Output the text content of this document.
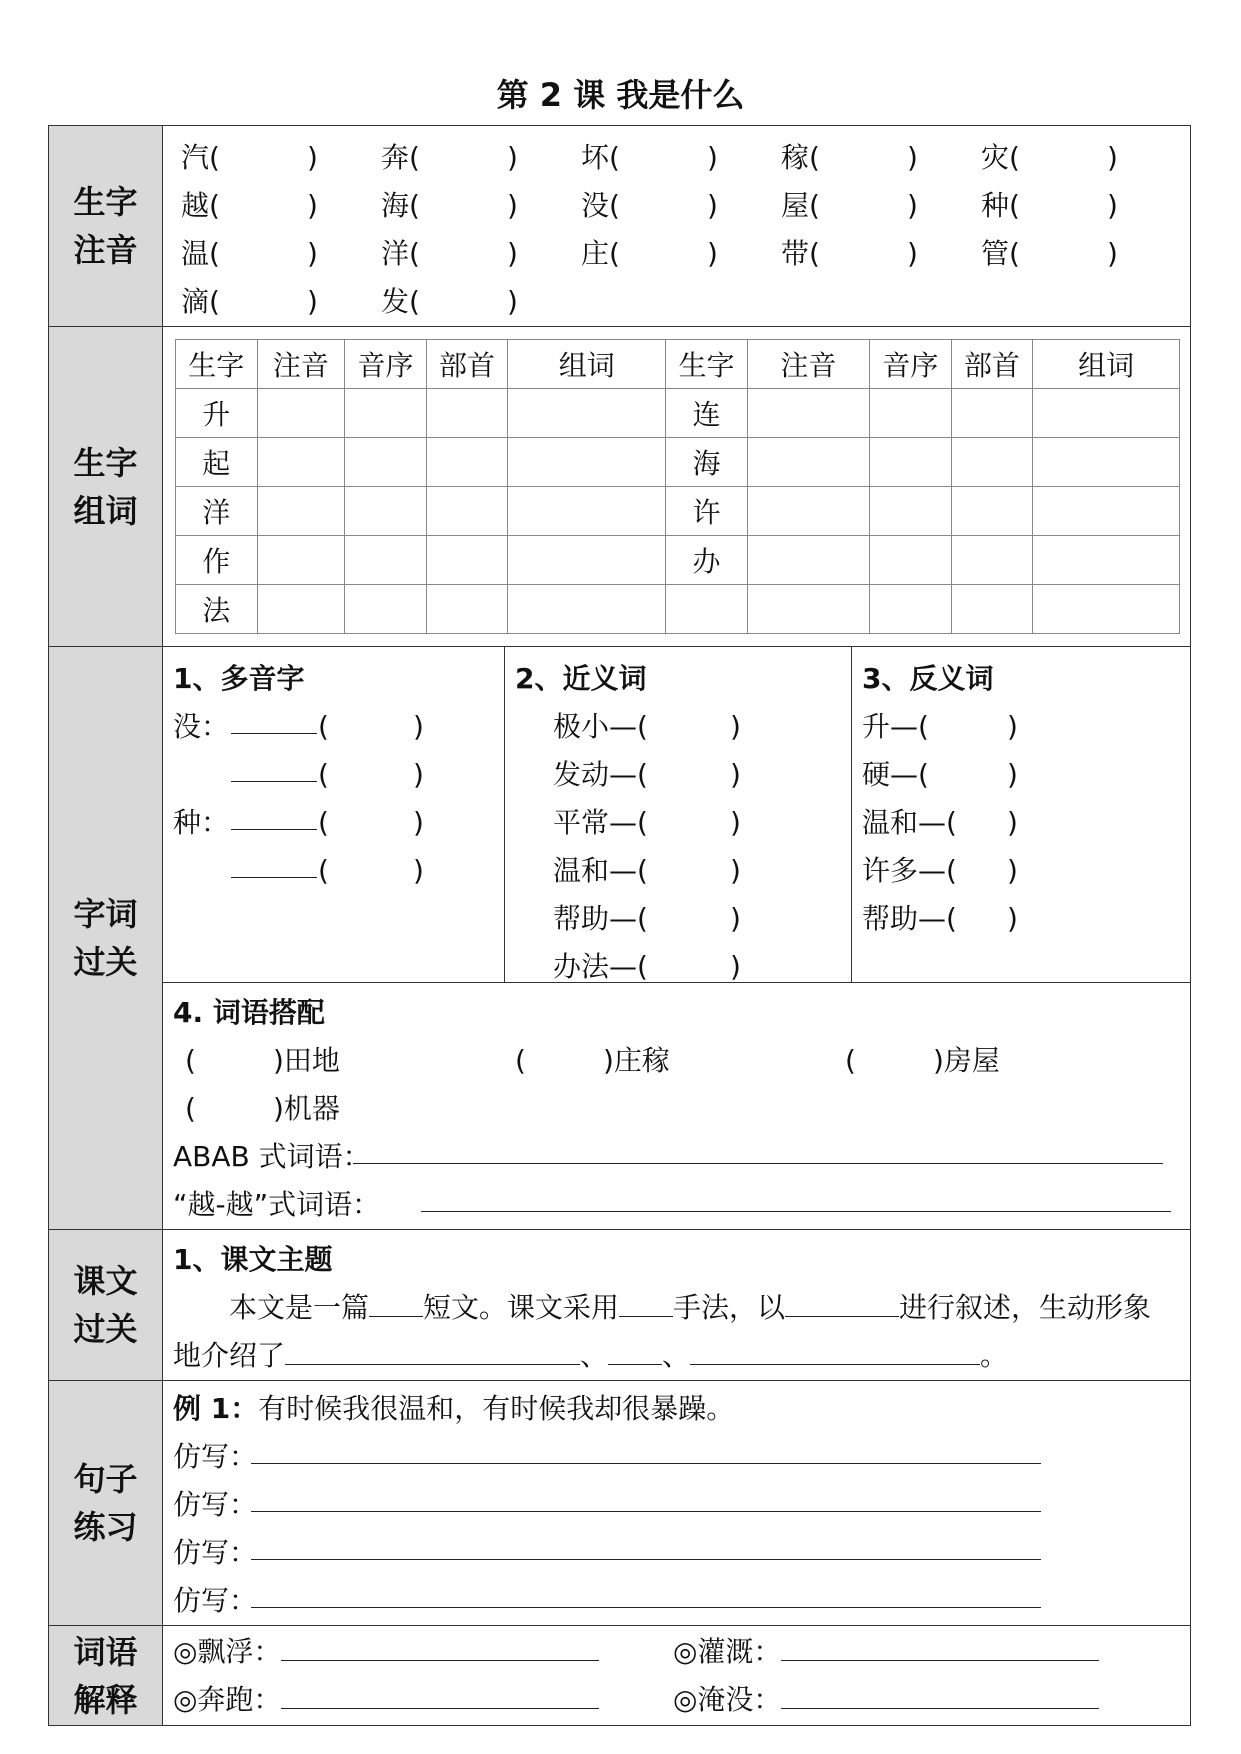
第 2 课 我是什么
生字
注音

汽(	) 奔(	) 坏(	) 稼(	) 灾(	)
越(	) 海(	) 没(	) 屋(	) 种(	)
温(	) 洋(	) 庄(	) 带(	) 管(	)
滴(	) 发(	)

生字
组词

生字	注音	音序	部首	组词	生字	注音	音序	部首	组词
升					连				
起					海				
洋					许				
作					办				
法									

字词
过关

1、多音字
没：	(	)
(	)
种：	(	)
(	)
2、近义词
极小—(	)
发动—(	)
平常—(	)
温和—(	)
帮助—(	)
办法—(	)
3、反义词
升—(	)
硬—(	)
温和—( )
许多—( )
帮助—( )
4. 词语搭配
(	)田地	(	)庄稼	(	)房屋
(	)机器
ABAB 式词语：
“越-越”式词语：

课文
过关

1、课文主题
本文是一篇 短文。课文采用 手法，以	进行叙述，生动形象
地介绍了	、 、	。

句子
练习

例 1：有时候我很温和，有时候我却很暴躁。
仿写：
仿写：
仿写：
仿写：

词语
解释

◎飘浮：	◎灌溉：
◎奔跑：	◎淹没：
